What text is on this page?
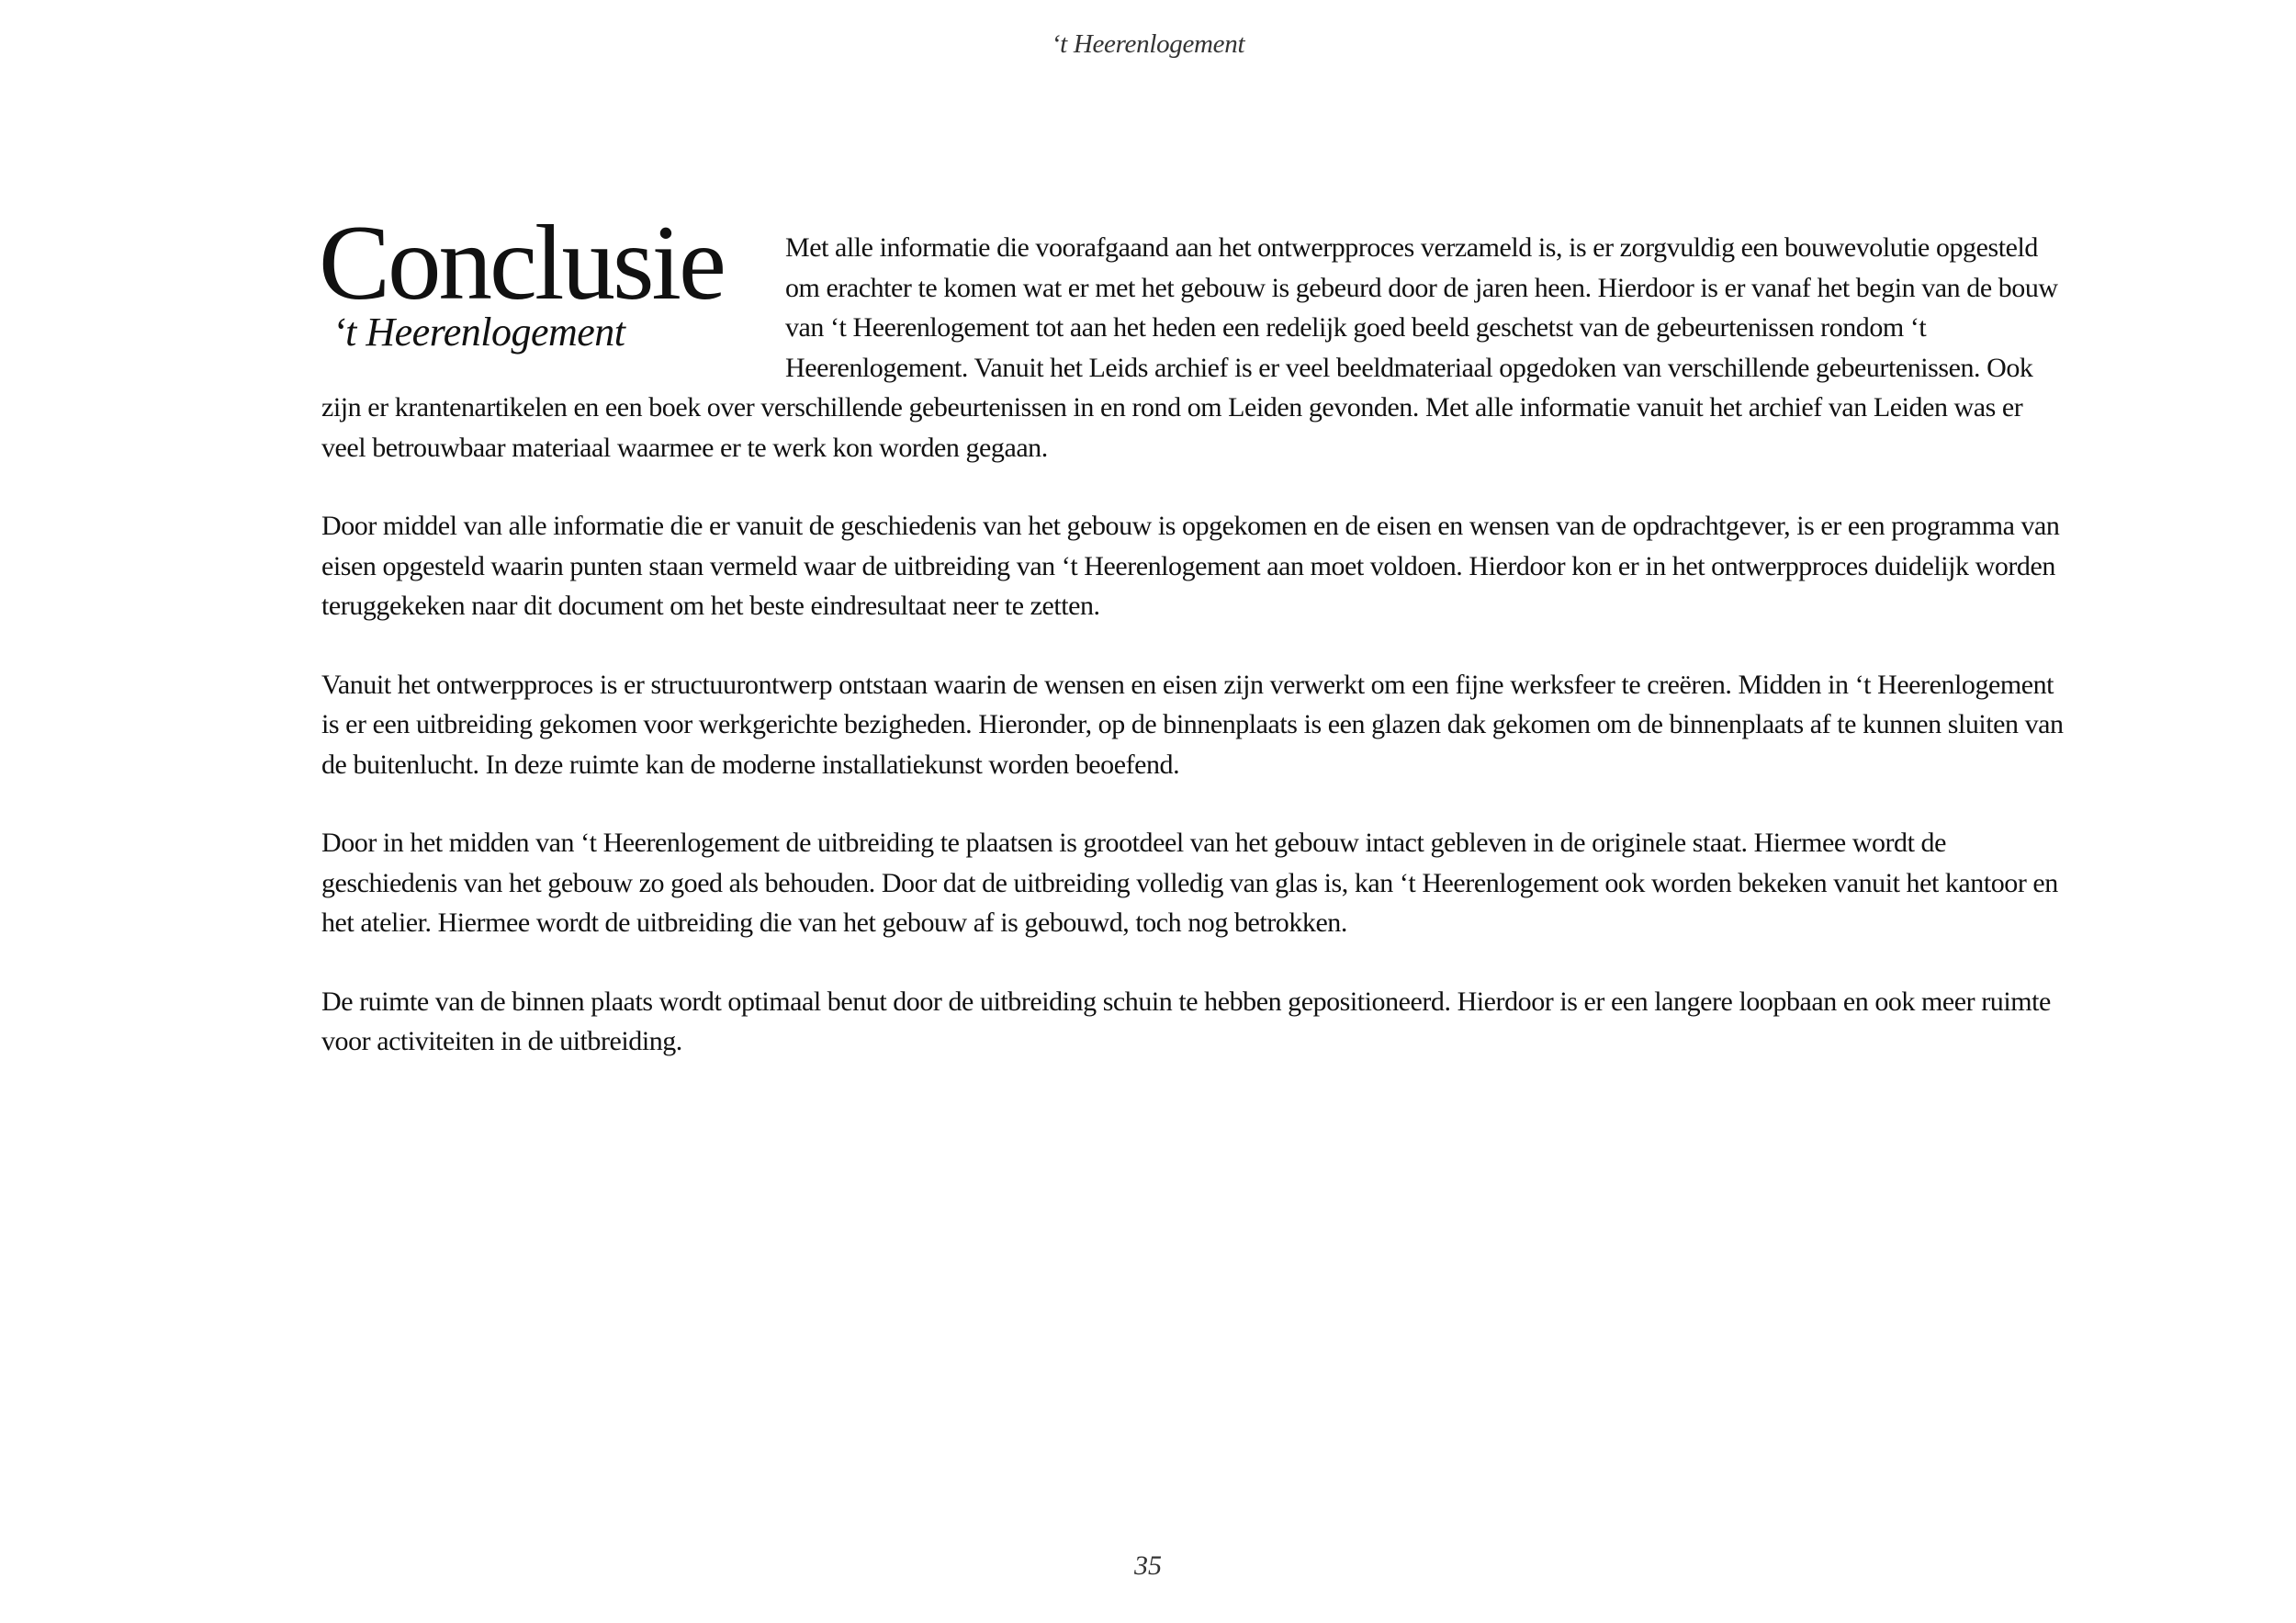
‘t Heerenlogement
Conclusie
‘t Heerenlogement

Met alle informatie die voorafgaand aan het ontwerpproces verzameld is, is er zorgvuldig een bouwevolutie opgesteld om erachter te komen wat er met het gebouw is gebeurd door de jaren heen. Hierdoor is er vanaf het begin van de bouw van ‘t Heerenlogement tot aan het heden een redelijk goed beeld geschetst van de gebeurtenissen rondom ‘t Heerenlogement. Vanuit het Leids archief is er veel beeldmateriaal opgedoken van verschillende gebeurtenissen. Ook zijn er krantenartikelen en een boek over verschillende gebeurtenissen in en rond om Leiden gevonden. Met alle informatie vanuit het archief van Leiden was er veel betrouwbaar materiaal waarmee er te werk kon worden gegaan.

Door middel van alle informatie die er vanuit de geschiedenis van het gebouw is opgekomen en de eisen en wensen van de opdrachtgever, is er een programma van eisen opgesteld waarin punten staan vermeld waar de uitbreiding van ‘t Heerenlogement aan moet voldoen. Hierdoor kon er in het ontwerpproces duidelijk worden teruggekeken naar dit document om het beste eindresultaat neer te zetten.

Vanuit het ontwerpproces is er structuurontwerp ontstaan waarin de wensen en eisen zijn verwerkt om een fijne werksfeer te creëren. Midden in ‘t Heerenlogement is er een uitbreiding gekomen voor werkgerichte bezigheden. Hieronder, op de binnenplaats is een glazen dak gekomen om de binnenplaats af te kunnen sluiten van de buitenlucht. In deze ruimte kan de moderne installatiekunst worden beoefend.

Door in het midden van ‘t Heerenlogement de uitbreiding te plaatsen is grootdeel van het gebouw intact gebleven in de originele staat. Hiermee wordt de geschiedenis van het gebouw zo goed als behouden. Door dat de uitbreiding volledig van glas is, kan ‘t Heerenlogement ook worden bekeken vanuit het kantoor en het atelier. Hiermee wordt de uitbreiding die van het gebouw af is gebouwd, toch nog betrokken.

De ruimte van de binnen plaats wordt optimaal benut door de uitbreiding schuin te hebben gepositioneerd. Hierdoor is er een langere loopbaan en ook meer ruimte voor activiteiten in de uitbreiding.

35
